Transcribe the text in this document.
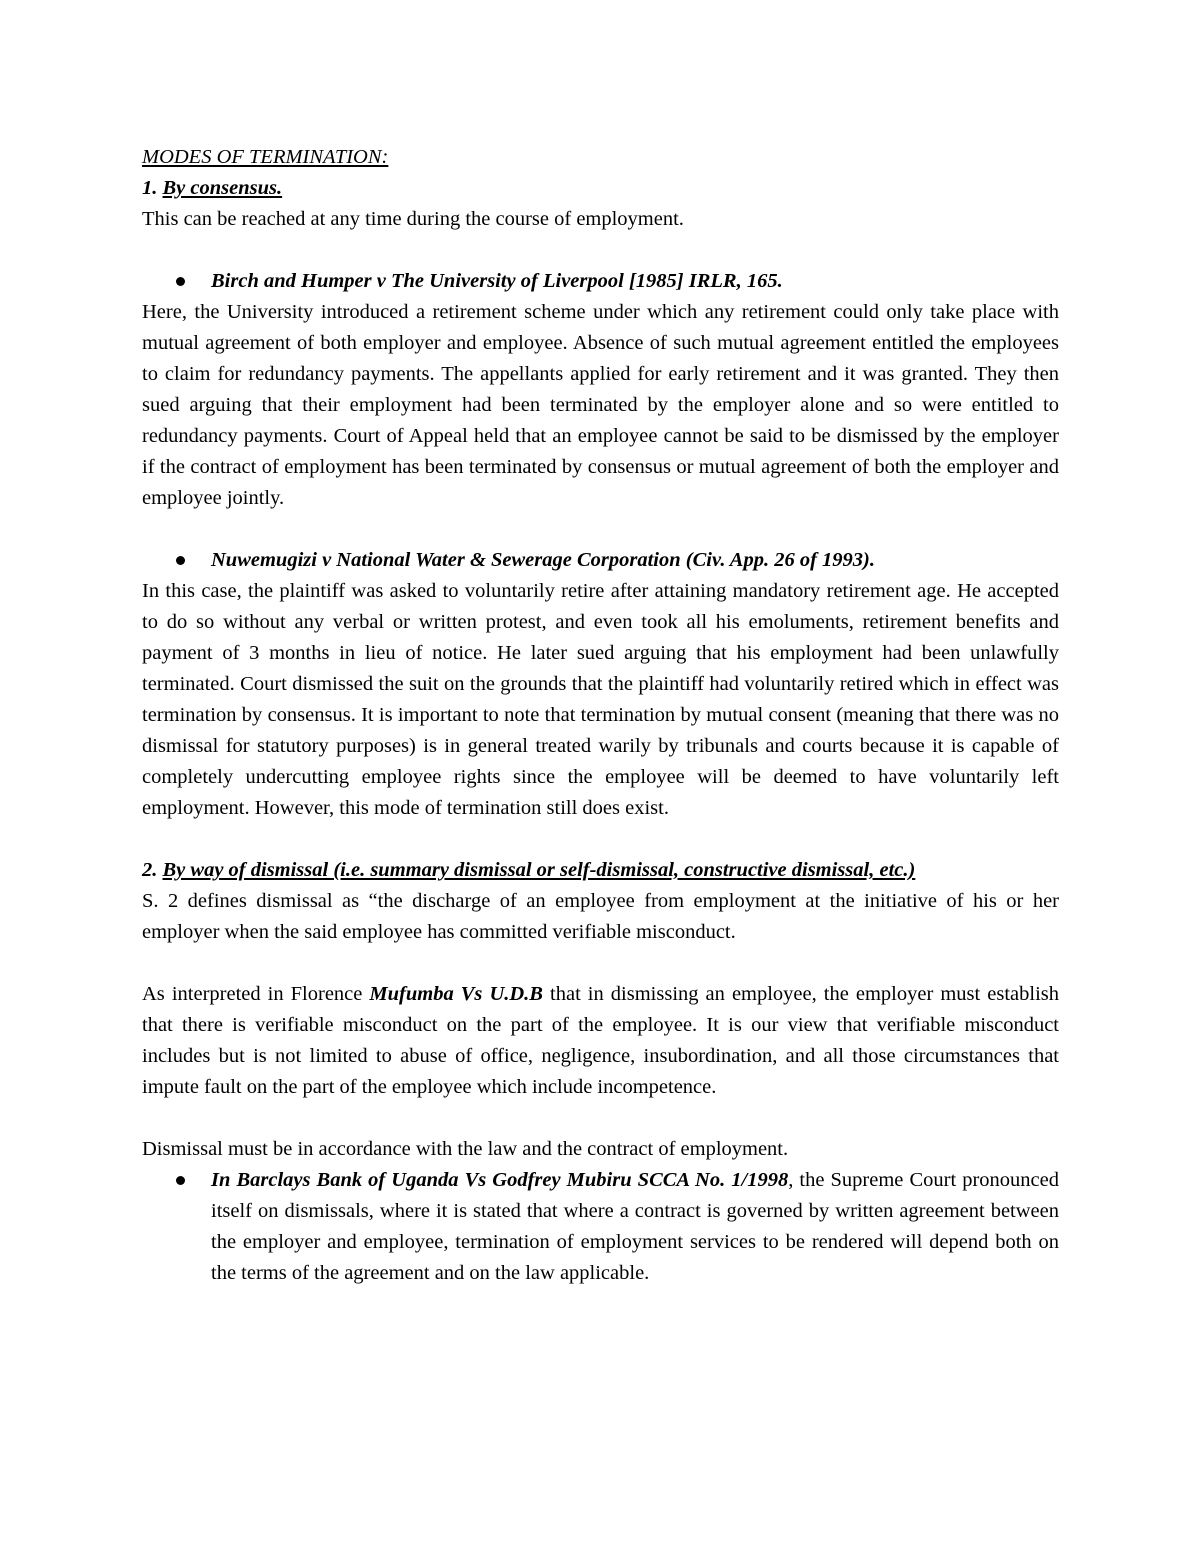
MODES OF TERMINATION:
1. By consensus.
This can be reached at any time during the course of employment.
Birch and Humper v The University of Liverpool [1985] IRLR, 165.

Here, the University introduced a retirement scheme under which any retirement could only take place with mutual agreement of both employer and employee. Absence of such mutual agreement entitled the employees to claim for redundancy payments. The appellants applied for early retirement and it was granted. They then sued arguing that their employment had been terminated by the employer alone and so were entitled to redundancy payments. Court of Appeal held that an employee cannot be said to be dismissed by the employer if the contract of employment has been terminated by consensus or mutual agreement of both the employer and employee jointly.

Nuwemugizi v National Water & Sewerage Corporation (Civ. App. 26 of 1993).

In this case, the plaintiff was asked to voluntarily retire after attaining mandatory retirement age. He accepted to do so without any verbal or written protest, and even took all his emoluments, retirement benefits and payment of 3 months in lieu of notice. He later sued arguing that his employment had been unlawfully terminated. Court dismissed the suit on the grounds that the plaintiff had voluntarily retired which in effect was termination by consensus. It is important to note that termination by mutual consent (meaning that there was no dismissal for statutory purposes) is in general treated warily by tribunals and courts because it is capable of completely undercutting employee rights since the employee will be deemed to have voluntarily left employment. However, this mode of termination still does exist.

2. By way of dismissal (i.e. summary dismissal or self-dismissal, constructive dismissal, etc.)

S. 2 defines dismissal as “the discharge of an employee from employment at the initiative of his or her employer when the said employee has committed verifiable misconduct.

As interpreted in Florence Mufumba Vs U.D.B that in dismissing an employee, the employer must establish that there is verifiable misconduct on the part of the employee. It is our view that verifiable misconduct includes but is not limited to abuse of office, negligence, insubordination, and all those circumstances that impute fault on the part of the employee which include incompetence.

Dismissal must be in accordance with the law and the contract of employment.

In Barclays Bank of Uganda Vs Godfrey Mubiru SCCA No. 1/1998, the Supreme Court pronounced itself on dismissals, where it is stated that where a contract is governed by written agreement between the employer and employee, termination of employment services to be rendered will depend both on the terms of the agreement and on the law applicable.
